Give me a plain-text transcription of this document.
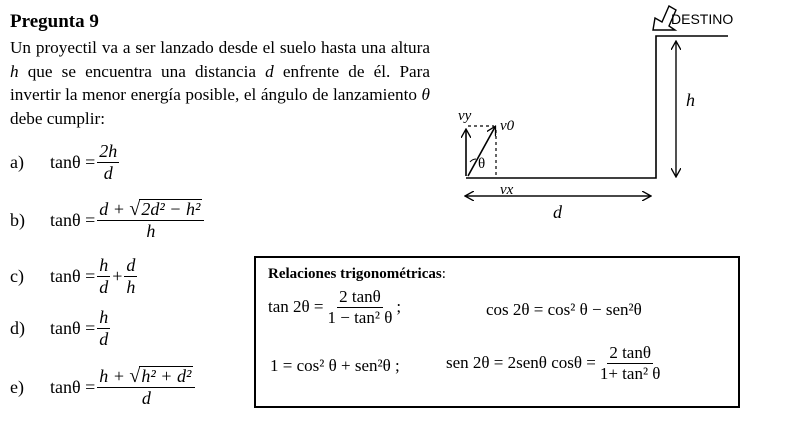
Pregunta 9
Un proyectil va a ser lanzado desde el suelo hasta una altura h que se encuentra una distancia d enfrente de él. Para invertir la menor energía posible, el ángulo de lanzamiento θ debe cumplir:
a)	$\tan\theta = \frac{2h}{d}$
b)	$\tan\theta = \frac{\text{d + √ 2d² − h²}}{h}$
c)	$\tan\theta = \frac{h}{d} + \frac{d}{h}$
d)	$\tan\theta = \frac{h}{d}$
e)	$\tan\theta = \frac{\text{h + √ h² + d²}}{d}$
Relaciones trigonométricas:
$\tan 2\theta = \frac{2 \tan\theta}{\text{1 − tan² θ}}$ ;	cos 2θ = cos² θ − sen²θ
1 = cos² θ + sen²θ ;	sen 2θ = 2senθ $\cos\theta = \frac{2 \tan\theta}{\text{1+ tan² θ}}$
DESTINO
h
d
θ
vy
v0
vx
